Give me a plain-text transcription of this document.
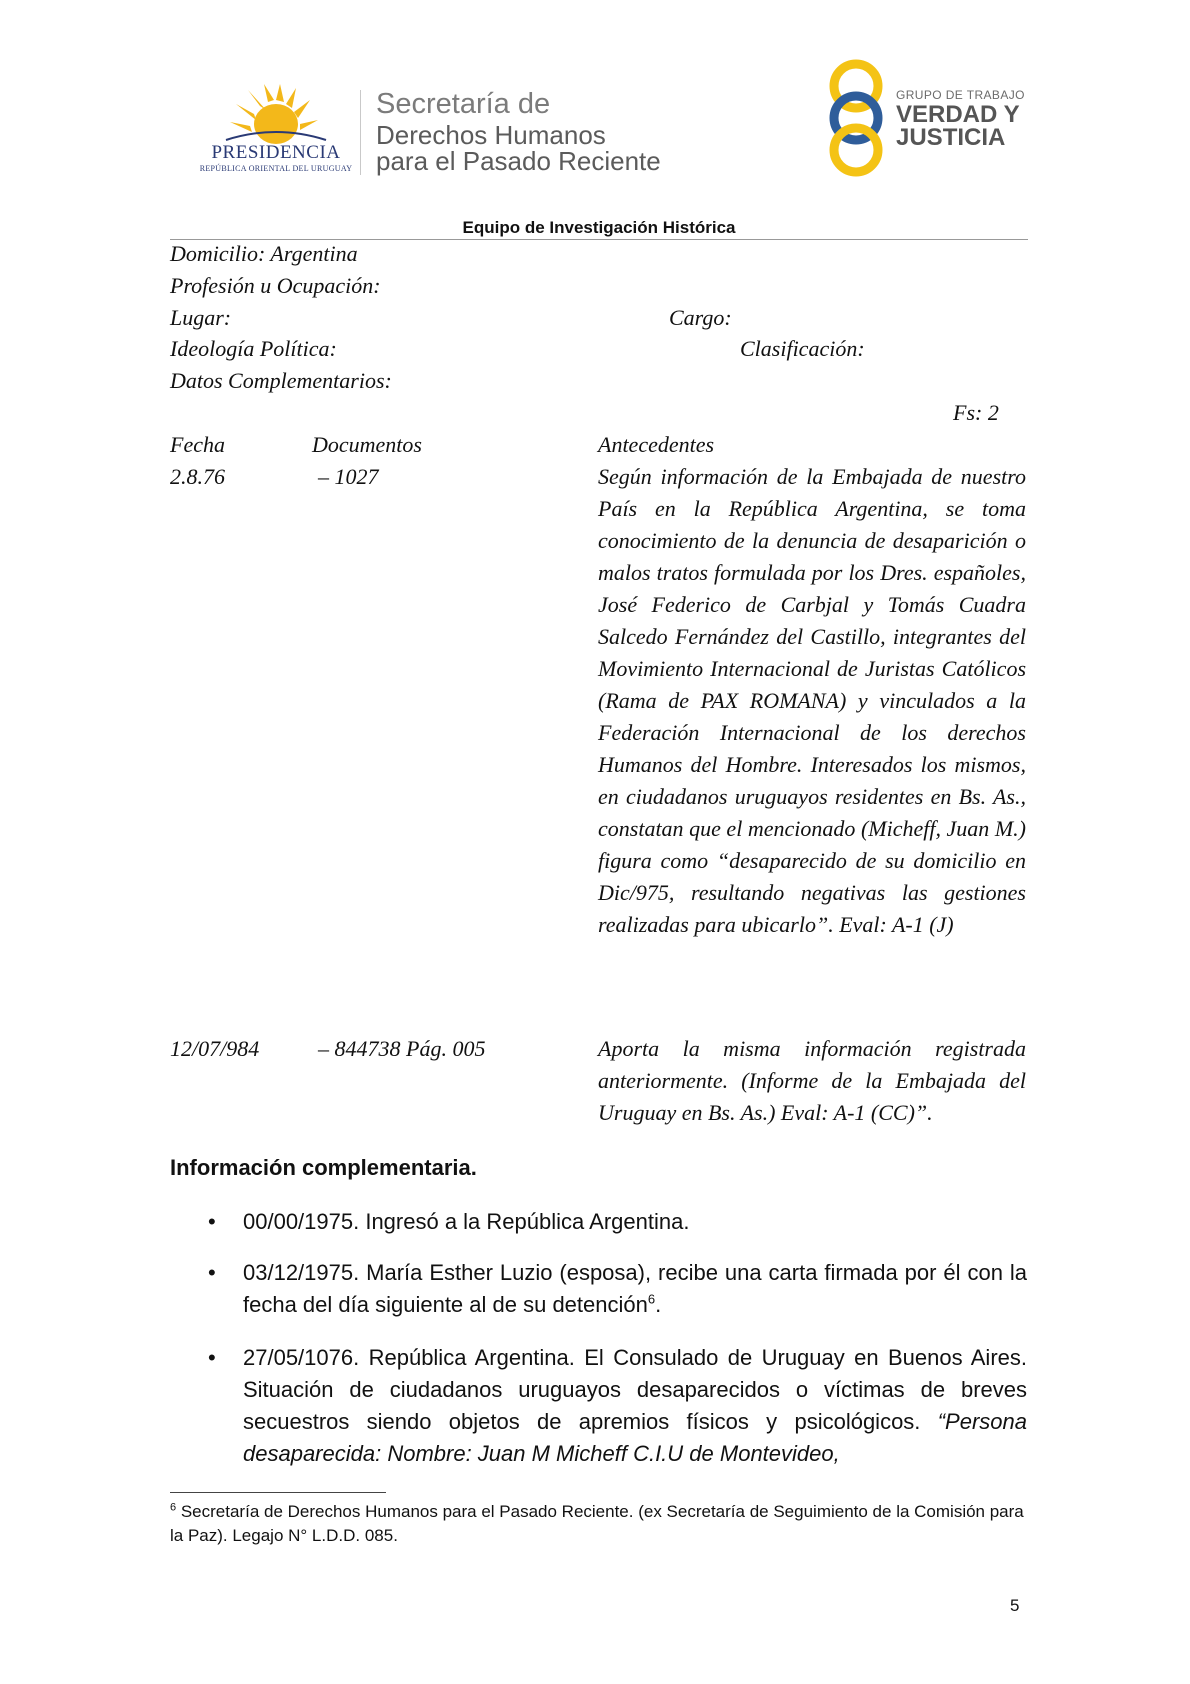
PRESIDENCIA
REPÚBLICA ORIENTAL DEL URUGUAY
Secretaría de
Derechos Humanos
para el Pasado Reciente
GRUPO DE TRABAJO
VERDAD Y
JUSTICIA
Equipo de Investigación Histórica
Domicilio: Argentina
Profesión u Ocupación:
Lugar:	Cargo:
Ideología Política:	Clasificación:
Datos Complementarios:
Fs: 2
Fecha	Documentos	Antecedentes
2.8.76	– 1027	Según información de la Embajada de nuestro País en la República Argentina, se toma conocimiento de la denuncia de desaparición o malos tratos formulada por los Dres. españoles, José Federico de Carbjal y Tomás Cuadra Salcedo Fernández del Castillo, integrantes del Movimiento Internacional de Juristas Católicos (Rama de PAX ROMANA) y vinculados a la Federación Internacional de los derechos Humanos del Hombre. Interesados los mismos, en ciudadanos uruguayos residentes en Bs. As., constatan que el mencionado (Micheff, Juan M.) figura como “desaparecido de su domicilio en Dic/975, resultando negativas las gestiones realizadas para ubicarlo”. Eval: A-1 (J)
12/07/984	– 844738 Pág. 005	Aporta la misma información registrada anteriormente. (Informe de la Embajada del Uruguay en Bs. As.) Eval: A-1 (CC)”.
Información complementaria.
• 00/00/1975. Ingresó a la República Argentina.
• 03/12/1975. María Esther Luzio (esposa), recibe una carta firmada por él con la fecha del día siguiente al de su detención$^6$.
• 27/05/1076. República Argentina. El Consulado de Uruguay en Buenos Aires. Situación de ciudadanos uruguayos desaparecidos o víctimas de breves secuestros siendo objetos de apremios físicos y psicológicos. “Persona desaparecida: Nombre: Juan M Micheff C.I.U de Montevideo,
$^6$ Secretaría de Derechos Humanos para el Pasado Reciente. (ex Secretaría de Seguimiento de la Comisión para la Paz). Legajo N° L.D.D. 085.
5
